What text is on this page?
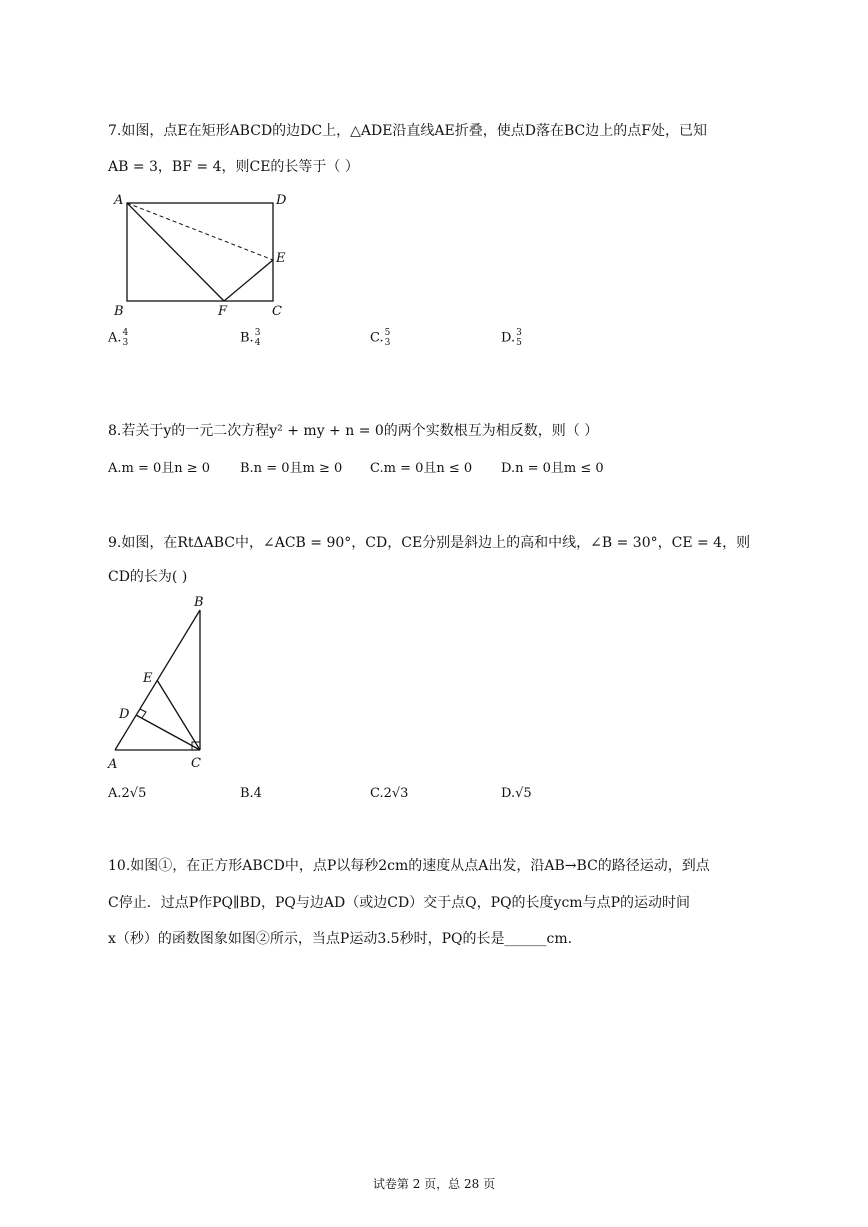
7.如图，点E在矩形ABCD的边DC上，△ADE沿直线AE折叠，使点D落在BC边上的点F处，已知
AB = 3，BF = 4，则CE的长等于（ ）
A	D
E
B	F	C
A. 4
3	B. 3
4	C. 5
3	D. 3
5
8.若关于y的一元二次方程y² + my + n = 0的两个实数根互为相反数，则（ ）
A.m = 0且n ≥ 0 B.n = 0且m ≥ 0 C.m = 0且n ≤ 0 D.n = 0且m ≤ 0
9.如图，在RtΔABC中，∠ACB = 90°，CD，CE分别是斜边上的高和中线，∠B = 30°，CE = 4，则
CD的长为( )
B
E
D
A	C
A.2√5	B.4	C.2√3	D.√5
10.如图①，在正方形ABCD中，点P以每秒2cm的速度从点A出发，沿AB→BC的路径运动，到点
C停止．过点P作PQ∥BD，PQ与边AD（或边CD）交于点Q，PQ的长度ycm与点P的运动时间
x（秒）的函数图象如图②所示，当点P运动3.5秒时，PQ的长是______cm.
试卷第 2 页，总 28 页
